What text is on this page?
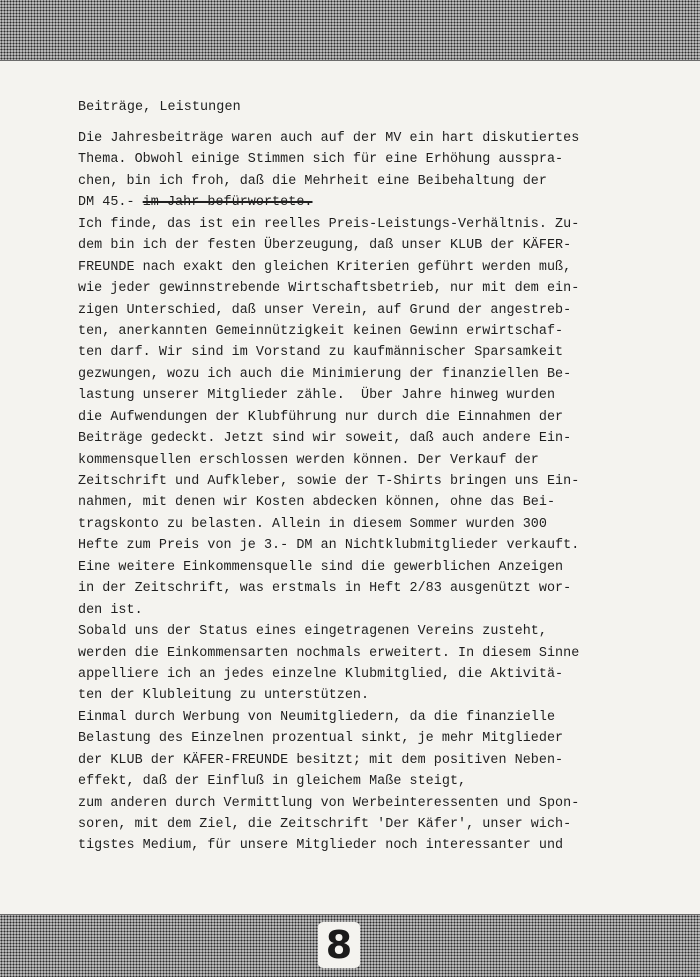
Beiträge, Leistungen
Die Jahresbeiträge waren auch auf der MV ein hart diskutiertes
Thema. Obwohl einige Stimmen sich für eine Erhöhung ausspra-
chen, bin ich froh, daß die Mehrheit eine Beibehaltung der
DM 45.- im Jahr befürwortete.
Ich finde, das ist ein reelles Preis-Leistungs-Verhältnis. Zu-
dem bin ich der festen Überzeugung, daß unser KLUB der KÄFER-
FREUNDE nach exakt den gleichen Kriterien geführt werden muß,
wie jeder gewinnstrebende Wirtschaftsbetrieb, nur mit dem ein-
zigen Unterschied, daß unser Verein, auf Grund der angestreb-
ten, anerkannten Gemeinnützigkeit keinen Gewinn erwirtschaf-
ten darf. Wir sind im Vorstand zu kaufmännischer Sparsamkeit
gezwungen, wozu ich auch die Minimierung der finanziellen Be-
lastung unserer Mitglieder zähle.  Über Jahre hinweg wurden
die Aufwendungen der Klubführung nur durch die Einnahmen der
Beiträge gedeckt. Jetzt sind wir soweit, daß auch andere Ein-
kommensquellen erschlossen werden können. Der Verkauf der
Zeitschrift und Aufkleber, sowie der T-Shirts bringen uns Ein-
nahmen, mit denen wir Kosten abdecken können, ohne das Bei-
tragskonto zu belasten. Allein in diesem Sommer wurden 300
Hefte zum Preis von je 3.- DM an Nichtklubmitglieder verkauft.
Eine weitere Einkommensquelle sind die gewerblichen Anzeigen
in der Zeitschrift, was erstmals in Heft 2/83 ausgenützt wor-
den ist.
Sobald uns der Status eines eingetragenen Vereins zusteht,
werden die Einkommensarten nochmals erweitert. In diesem Sinne
appelliere ich an jedes einzelne Klubmitglied, die Aktivitä-
ten der Klubleitung zu unterstützen.
Einmal durch Werbung von Neumitgliedern, da die finanzielle
Belastung des Einzelnen prozentual sinkt, je mehr Mitglieder
der KLUB der KÄFER-FREUNDE besitzt; mit dem positiven Neben-
effekt, daß der Einfluß in gleichem Maße steigt,
zum anderen durch Vermittlung von Werbeinteressenten und Spon-
soren, mit dem Ziel, die Zeitschrift 'Der Käfer', unser wich-
tigstes Medium, für unsere Mitglieder noch interessanter und
8
